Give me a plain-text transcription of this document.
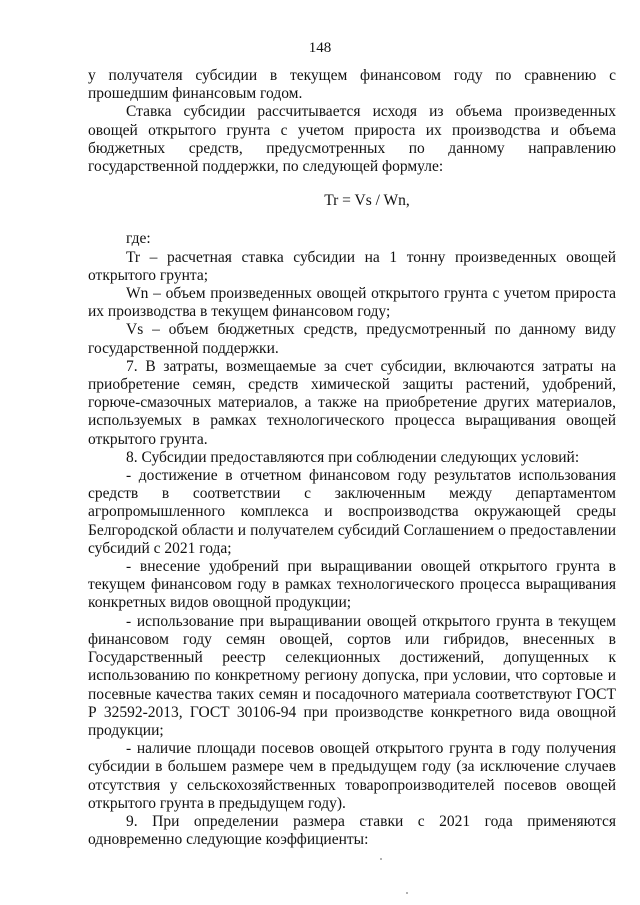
148

у получателя субсидии в текущем финансовом году по сравнению с прошедшим финансовым годом.

Ставка субсидии рассчитывается исходя из объема произведенных овощей открытого грунта с учетом прироста их производства и объема бюджетных средств, предусмотренных по данному направлению государственной поддержки, по следующей формуле:

Tr = Vs / Wn,

где:

Tr – расчетная ставка субсидии на 1 тонну произведенных овощей открытого грунта;

Wn – объем произведенных овощей открытого грунта с учетом прироста их производства в текущем финансовом году;

Vs – объем бюджетных средств, предусмотренный по данному виду государственной поддержки.

7. В затраты, возмещаемые за счет субсидии, включаются затраты на приобретение семян, средств химической защиты растений, удобрений, горюче-смазочных материалов, а также на приобретение других материалов, используемых в рамках технологического процесса выращивания овощей открытого грунта.

8. Субсидии предоставляются при соблюдении следующих условий:

- достижение в отчетном финансовом году результатов использования средств в соответствии с заключенным между департаментом агропромышленного комплекса и воспроизводства окружающей среды Белгородской области и получателем субсидий Соглашением о предоставлении субсидий с 2021 года;

- внесение удобрений при выращивании овощей открытого грунта в текущем финансовом году в рамках технологического процесса выращивания конкретных видов овощной продукции;

- использование при выращивании овощей открытого грунта в текущем финансовом году семян овощей, сортов или гибридов, внесенных в Государственный реестр селекционных достижений, допущенных к использованию по конкретному региону допуска, при условии, что сортовые и посевные качества таких семян и посадочного материала соответствуют ГОСТ Р 32592-2013, ГОСТ 30106-94 при производстве конкретного вида овощной продукции;

- наличие площади посевов овощей открытого грунта в году получения субсидии в большем размере чем в предыдущем году (за исключение случаев отсутствия у сельскохозяйственных товаропроизводителей посевов овощей открытого грунта в предыдущем году).

9. При определении размера ставки с 2021 года применяются одновременно следующие коэффициенты:
